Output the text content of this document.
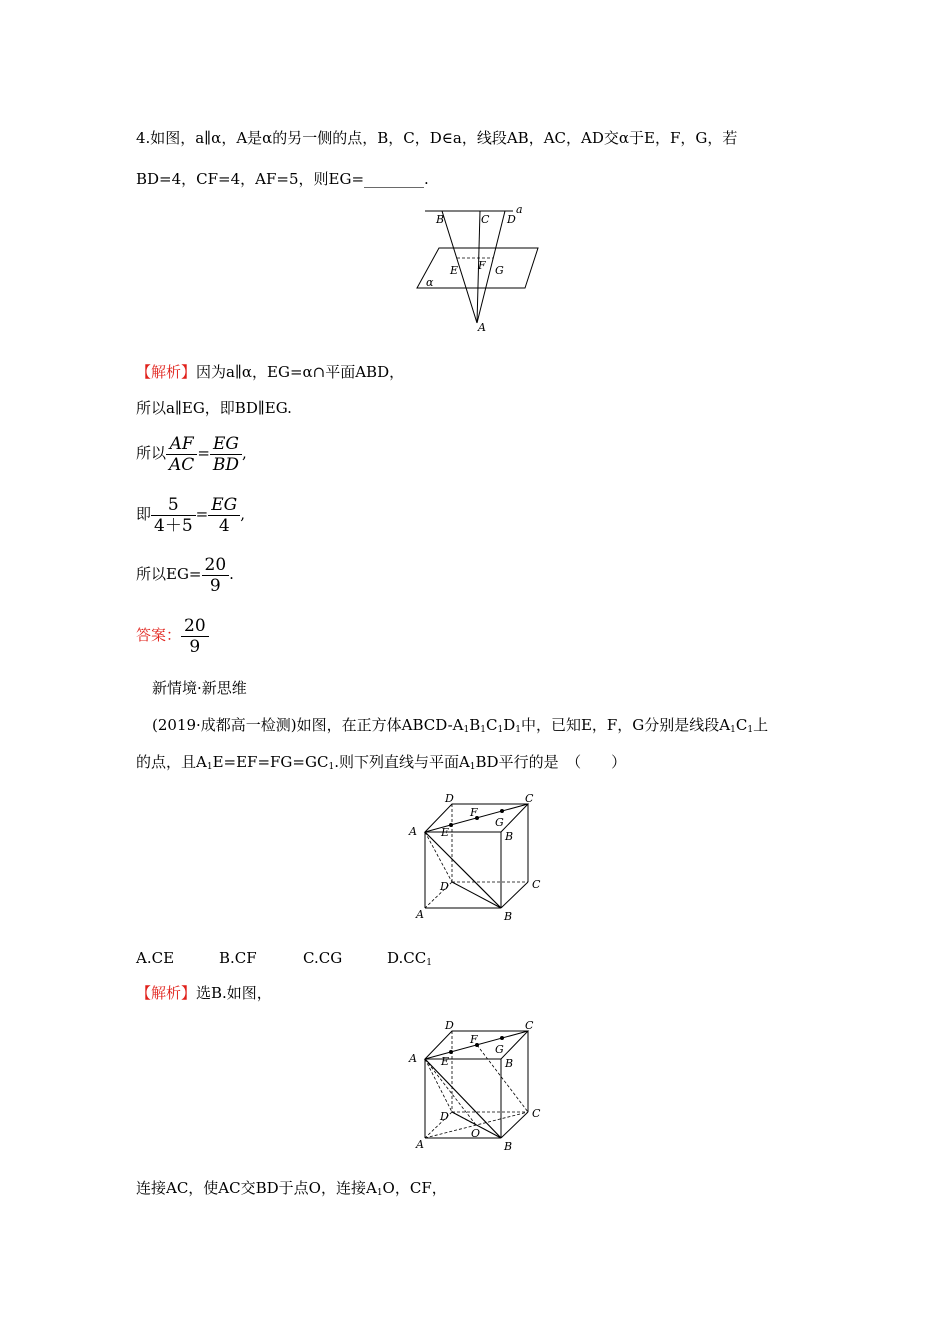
4.如图，a∥α，A是α的另一侧的点，B，C，D∈a，线段AB，AC，AD交α于E，F，G，若
BD=4，CF=4，AF=5，则EG=________.
B	C D
a
E F G
α
A
【解析】因为a∥α，EG=α∩平面ABD，
所以a∥EG，即BD∥EG.
所以 $\frac{AF}{AC} = \frac{EG}{BD}$ ,
即 $\frac{5}{4+5} = \frac{EG}{4}$ ,
所以$EG= \frac{20}{9}$ .
答案： $\frac{20}{9}$
新情境·新思维
(2019·成都高一检测)如图，在正方体ABCD-$A_1B_1C_1D_1$中，已知E，F，G分别是线段$A_1C_1$上
的点，且$A_1E=EF=FG=GC_1$.则下列直线与平面$A_1BD$平行的是　（　　）
D	C
A	B
E
F
G
D	C
A	B
A.CE	B.CF	C.CG	$D.CC_1$
【解析】选B.如图，
D	C
A	B
E
F
G
D	C
A	B
O
连接AC，使AC交BD于点O，连接$A_1O$，CF，
